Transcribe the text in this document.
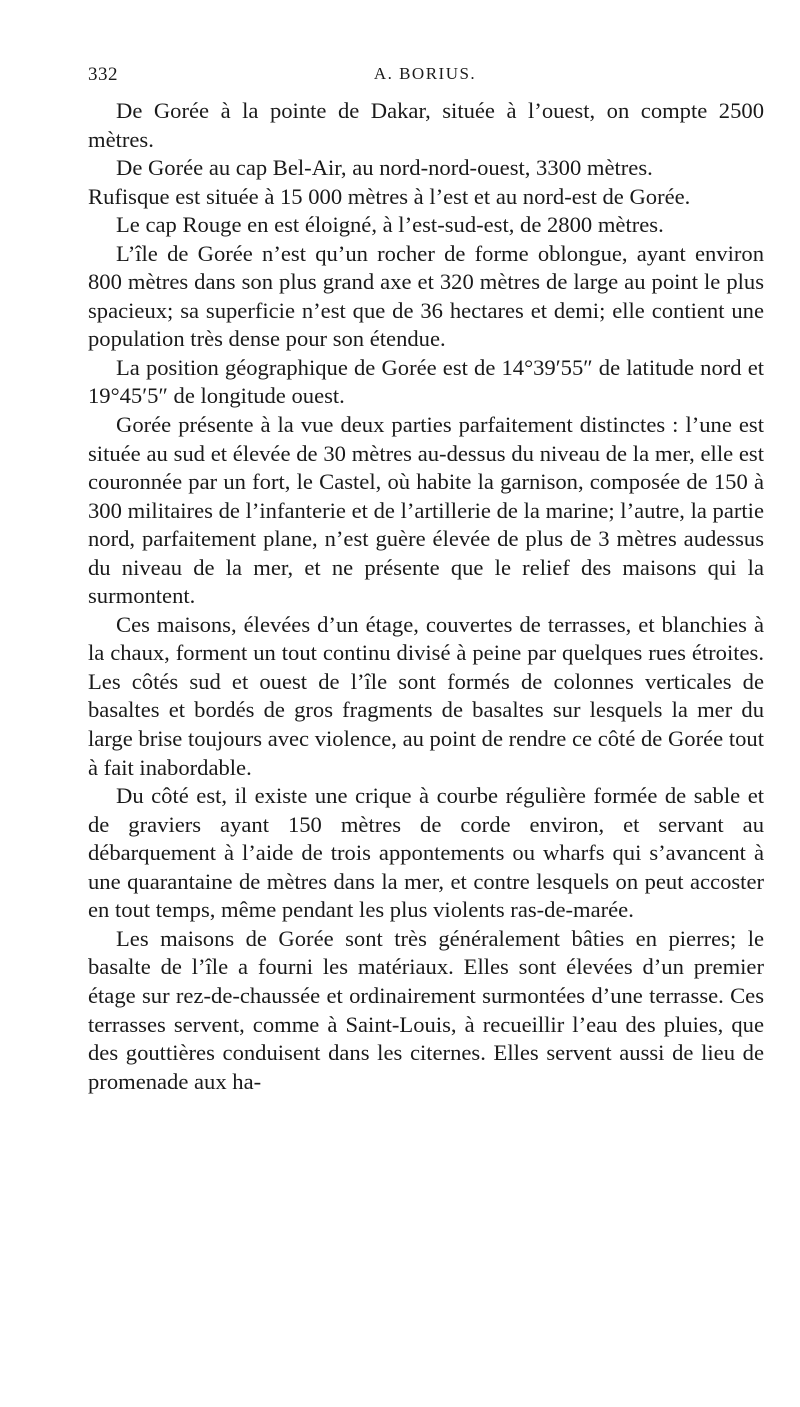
332	A. BORIUS.

De Gorée à la pointe de Dakar, située à l’ouest, on compte 2500 mètres.

De Gorée au cap Bel-Air, au nord-nord-ouest, 3300 mètres.

Rufisque est située à 15 000 mètres à l’est et au nord-est de Gorée.

Le cap Rouge en est éloigné, à l’est-sud-est, de 2800 mètres.

L’île de Gorée n’est qu’un rocher de forme oblongue, ayant environ 800 mètres dans son plus grand axe et 320 mètres de large au point le plus spacieux; sa superficie n’est que de 36 hectares et demi; elle contient une population très dense pour son étendue.

La position géographique de Gorée est de 14°39′55″ de latitude nord et 19°45′5″ de longitude ouest.

Gorée présente à la vue deux parties parfaitement distinctes : l’une est située au sud et élevée de 30 mètres au-dessus du niveau de la mer, elle est couronnée par un fort, le Castel, où habite la garnison, composée de 150 à 300 militaires de l’infanterie et de l’artillerie de la marine; l’autre, la partie nord, parfaitement plane, n’est guère élevée de plus de 3 mètres audessus du niveau de la mer, et ne présente que le relief des maisons qui la surmontent.

Ces maisons, élevées d’un étage, couvertes de terrasses, et blanchies à la chaux, forment un tout continu divisé à peine par quelques rues étroites. Les côtés sud et ouest de l’île sont formés de colonnes verticales de basaltes et bordés de gros fragments de basaltes sur lesquels la mer du large brise toujours avec violence, au point de rendre ce côté de Gorée tout à fait inabordable.

Du côté est, il existe une crique à courbe régulière formée de sable et de graviers ayant 150 mètres de corde environ, et servant au débarquement à l’aide de trois appontements ou wharfs qui s’avancent à une quarantaine de mètres dans la mer, et contre lesquels on peut accoster en tout temps, même pendant les plus violents ras-de-marée.

Les maisons de Gorée sont très généralement bâties en pierres; le basalte de l’île a fourni les matériaux. Elles sont élevées d’un premier étage sur rez-de-chaussée et ordinairement surmontées d’une terrasse. Ces terrasses servent, comme à Saint-Louis, à recueillir l’eau des pluies, que des gouttières conduisent dans les citernes. Elles servent aussi de lieu de promenade aux ha-
